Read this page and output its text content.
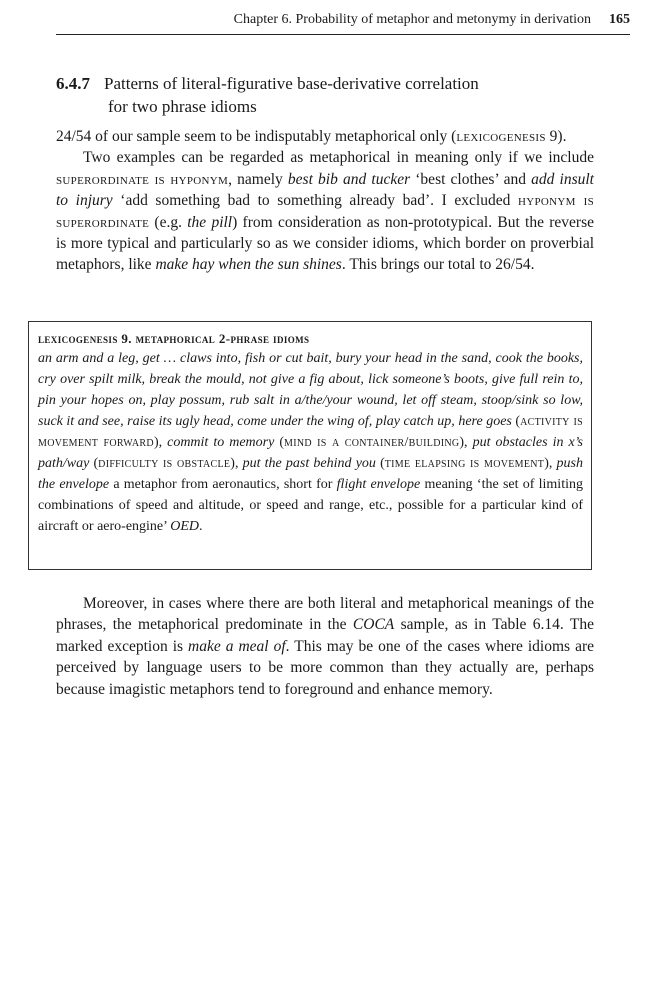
Chapter 6. Probability of metaphor and metonymy in derivation 165
6.4.7 Patterns of literal-figurative base-derivative correlation
for two phrase idioms

24/54 of our sample seem to be indisputably metaphorical only (lexicogenesis 9).

Two examples can be regarded as metaphorical in meaning only if we include superordinate is hyponym, namely best bib and tucker ‘best clothes’ and add insult to injury ‘add something bad to something already bad’. I excluded hyponym is superordinate (e.g. the pill) from consideration as non-prototypical. But the reverse is more typical and particularly so as we consider idioms, which border on proverbial metaphors, like make hay when the sun shines. This brings our total to 26/54.

lexicogenesis 9. metaphorical 2-phrase idioms
an arm and a leg, get … claws into, fish or cut bait, bury your head in the sand, cook the books, cry over spilt milk, break the mould, not give a fig about, lick someone’s boots, give full rein to, pin your hopes on, play possum, rub salt in a/the/your wound, let off steam, stoop/sink so low, suck it and see, raise its ugly head, come under the wing of, play catch up, here goes (activity is movement forward), commit to memory (mind is a container/building), put obstacles in x’s path/way (difficulty is obstacle), put the past behind you (time elapsing is movement), push the envelope a metaphor from aeronautics, short for flight envelope meaning ‘the set of limiting combinations of speed and altitude, or speed and range, etc., possible for a particular kind of aircraft or aero-engine’ OED.

Moreover, in cases where there are both literal and metaphorical meanings of the phrases, the metaphorical predominate in the COCA sample, as in Table 6.14. The marked exception is make a meal of. This may be one of the cases where idioms are perceived by language users to be more common than they actually are, perhaps because imagistic metaphors tend to foreground and enhance memory.
